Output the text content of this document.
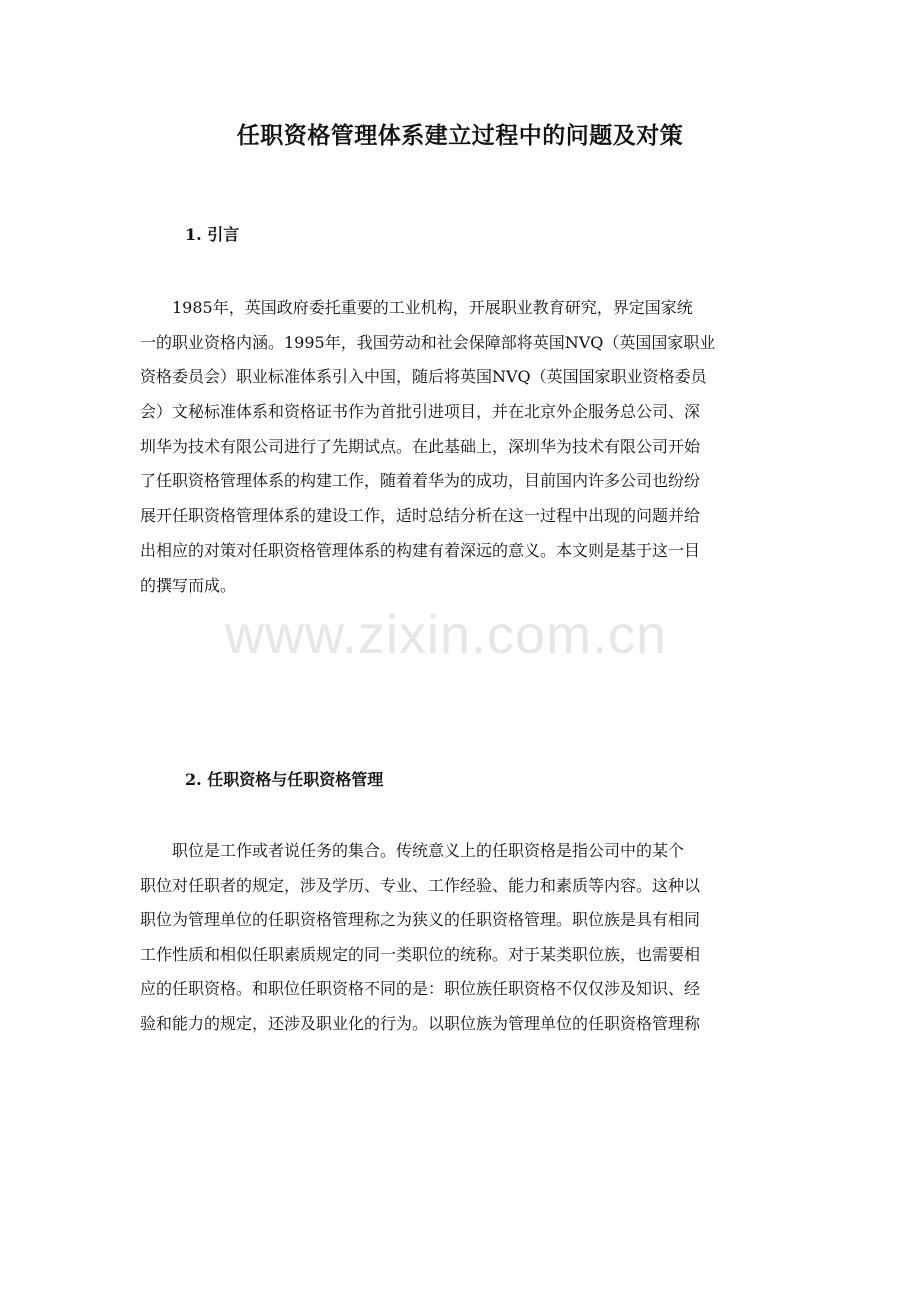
www.zixin.com.cn
任职资格管理体系建立过程中的问题及对策
1. 引言
　　1985年，英国政府委托重要的工业机构，开展职业教育研究，界定国家统
一的职业资格内涵。1995年，我国劳动和社会保障部将英国NVQ（英国国家职业
资格委员会）职业标准体系引入中国，随后将英国NVQ（英国国家职业资格委员
会）文秘标准体系和资格证书作为首批引进项目，并在北京外企服务总公司、深
圳华为技术有限公司进行了先期试点。在此基础上，深圳华为技术有限公司开始
了任职资格管理体系的构建工作，随着着华为的成功，目前国内许多公司也纷纷
展开任职资格管理体系的建设工作，适时总结分析在这一过程中出现的问题并给
出相应的对策对任职资格管理体系的构建有着深远的意义。本文则是基于这一目
的撰写而成。
2. 任职资格与任职资格管理
　　职位是工作或者说任务的集合。传统意义上的任职资格是指公司中的某个
职位对任职者的规定，涉及学历、专业、工作经验、能力和素质等内容。这种以
职位为管理单位的任职资格管理称之为狭义的任职资格管理。职位族是具有相同
工作性质和相似任职素质规定的同一类职位的统称。对于某类职位族，也需要相
应的任职资格。和职位任职资格不同的是：职位族任职资格不仅仅涉及知识、经
验和能力的规定，还涉及职业化的行为。以职位族为管理单位的任职资格管理称
